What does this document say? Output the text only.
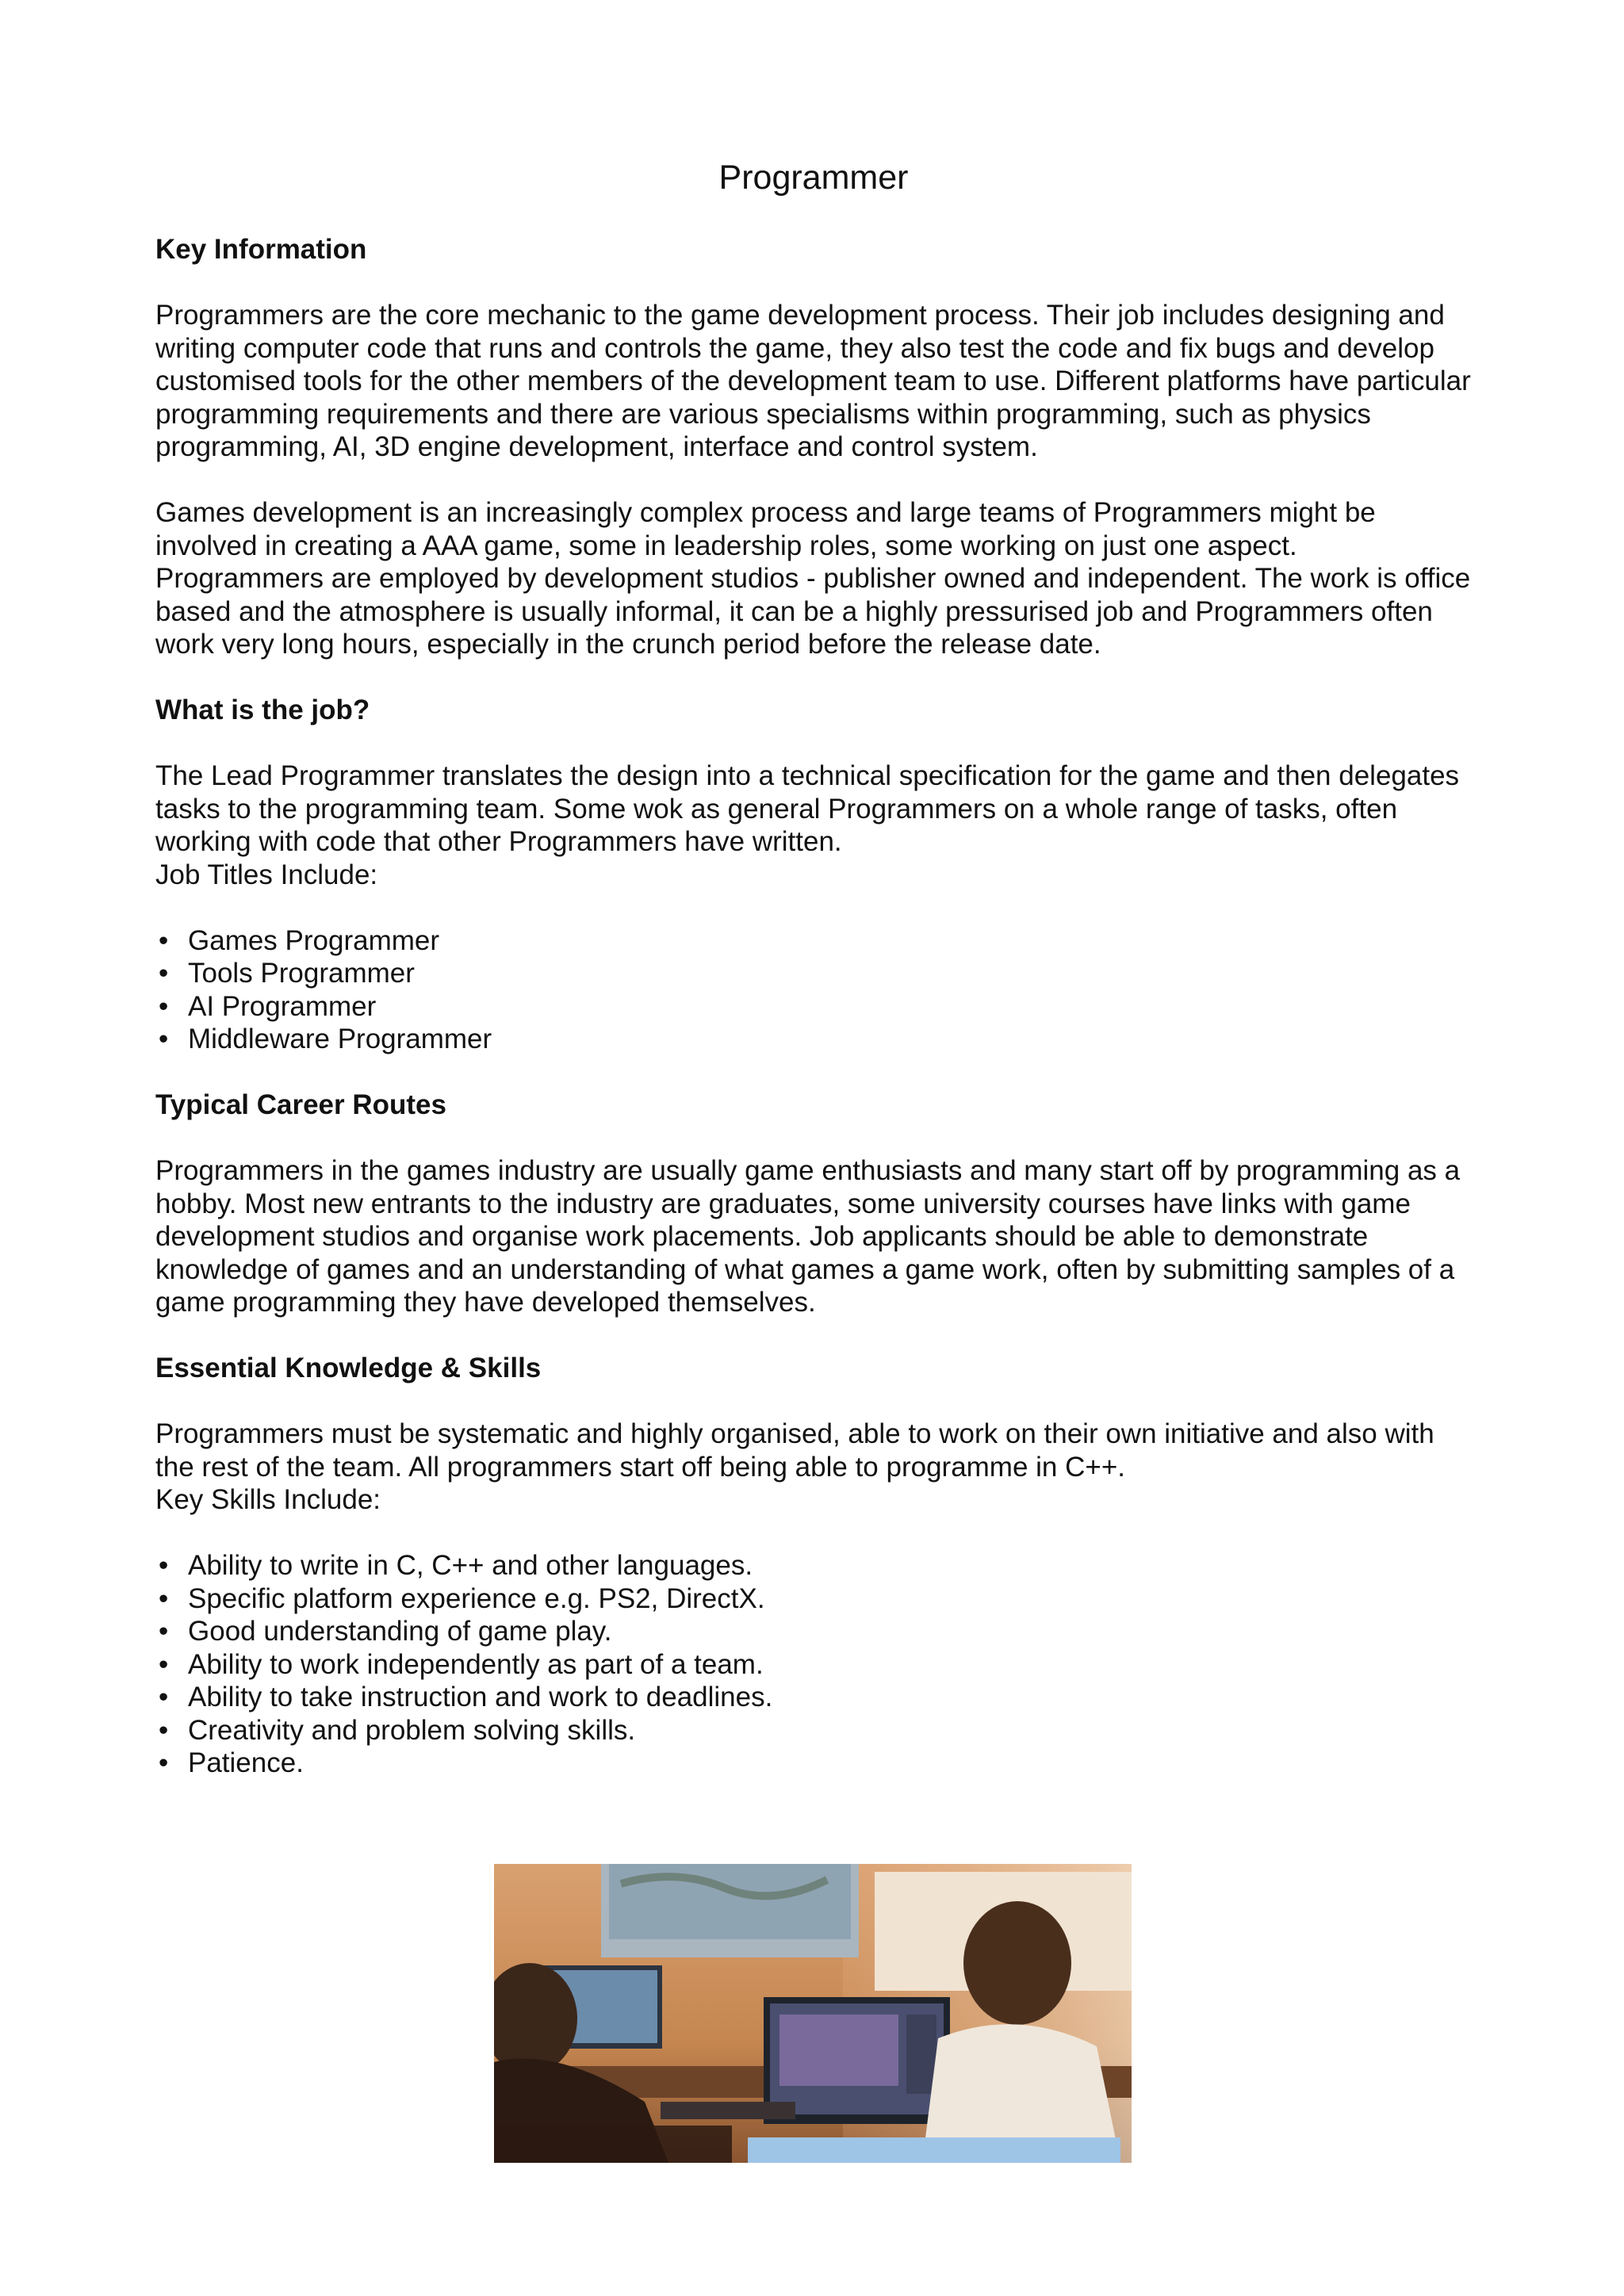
Programmer
Key Information

Programmers are the core mechanic to the game development process. Their job includes designing and writing computer code that runs and controls the game, they also test the code and fix bugs and develop customised tools for the other members of the development team to use. Different platforms have particular programming requirements and there are various specialisms within programming, such as physics programming, AI, 3D engine development, interface and control system.

Games development is an increasingly complex process and large teams of Programmers might be involved in creating a AAA game, some in leadership roles, some working on just one aspect. Programmers are employed by development studios - publisher owned and independent. The work is office based and the atmosphere is usually informal, it can be a highly pressurised job and Programmers often work very long hours, especially in the crunch period before the release date.

What is the job?

The Lead Programmer translates the design into a technical specification for the game and then delegates tasks to the programming team. Some wok as general Programmers on a whole range of tasks, often working with code that other Programmers have written.

Job Titles Include:

• Games Programmer
• Tools Programmer
• AI Programmer
• Middleware Programmer
Typical Career Routes

Programmers in the games industry are usually game enthusiasts and many start off by programming as a hobby. Most new entrants to the industry are graduates, some university courses have links with game development studios and organise work placements. Job applicants should be able to demonstrate knowledge of games and an understanding of what games a game work, often by submitting samples of a game programming they have developed themselves.

Essential Knowledge & Skills

Programmers must be systematic and highly organised, able to work on their own initiative and also with the rest of the team. All programmers start off being able to programme in C++.

Key Skills Include:

• Ability to write in C, C++ and other languages.
• Specific platform experience e.g. PS2, DirectX.
• Good understanding of game play.
• Ability to work independently as part of a team.
• Ability to take instruction and work to deadlines.
• Creativity and problem solving skills.
• Patience.
